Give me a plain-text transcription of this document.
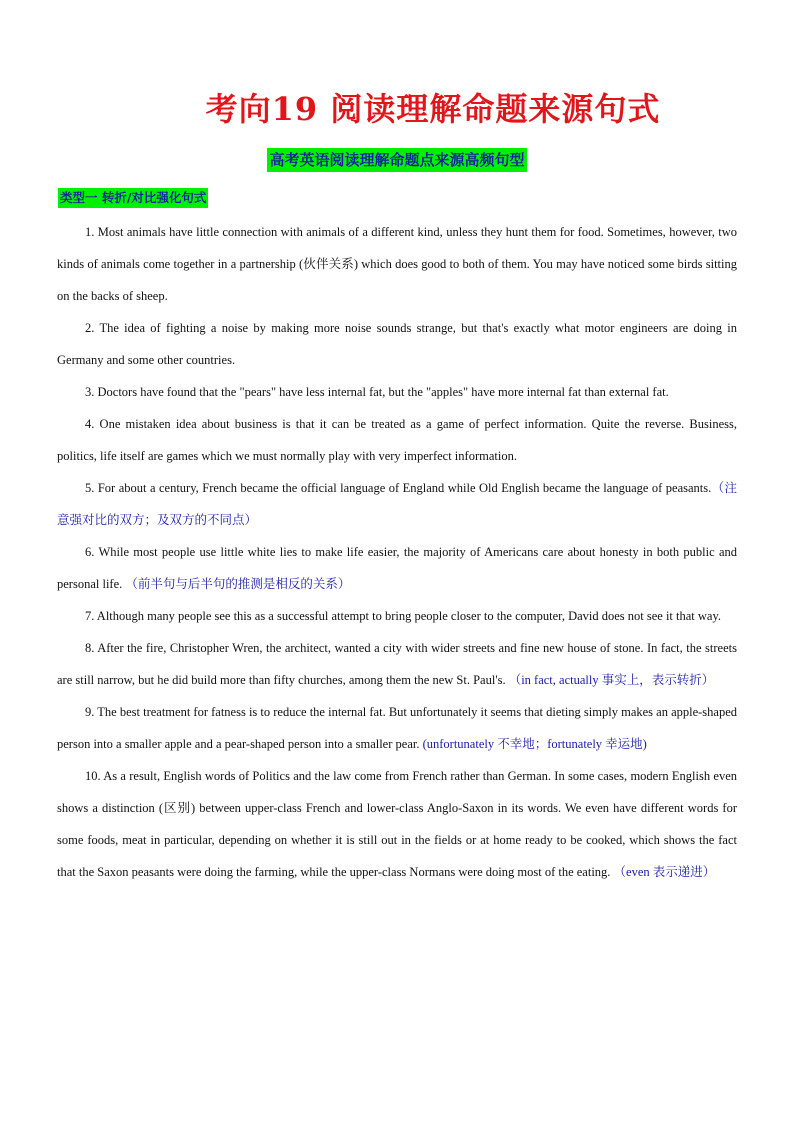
考向19 阅读理解命题来源句式
高考英语阅读理解命题点来源高频句型
类型一 转折/对比强化句式

1. Most animals have little connection with animals of a different kind, unless they hunt them for food. Sometimes, however, two kinds of animals come together in a partnership (伙伴关系) which does good to both of them. You may have noticed some birds sitting on the backs of sheep.

2. The idea of fighting a noise by making more noise sounds strange, but that's exactly what motor engineers are doing in Germany and some other countries.

3. Doctors have found that the "pears" have less internal fat, but the "apples" have more internal fat than external fat.

4. One mistaken idea about business is that it can be treated as a game of perfect information. Quite the reverse. Business, politics, life itself are games which we must normally play with very imperfect information.

5. For about a century, French became the official language of England while Old English became the language of peasants.（注意强对比的双方；及双方的不同点）

6. While most people use little white lies to make life easier, the majority of Americans care about honesty in both public and personal life. （前半句与后半句的推测是相反的关系）

7. Although many people see this as a successful attempt to bring people closer to the computer, David does not see it that way.

8. After the fire, Christopher Wren, the architect, wanted a city with wider streets and fine new house of stone. In fact, the streets are still narrow, but he did build more than fifty churches, among them the new St. Paul's. （in fact, actually 事实上，表示转折）

9. The best treatment for fatness is to reduce the internal fat. But unfortunately it seems that dieting simply makes an apple-shaped person into a smaller apple and a pear-shaped person into a smaller pear. (unfortunately 不幸地；fortunately 幸运地)

10. As a result, English words of Politics and the law come from French rather than German. In some cases, modern English even shows a distinction (区别) between upper-class French and lower-class Anglo-Saxon in its words. We even have different words for some foods, meat in particular, depending on whether it is still out in the fields or at home ready to be cooked, which shows the fact that the Saxon peasants were doing the farming, while the upper-class Normans were doing most of the eating. （even 表示递进）
